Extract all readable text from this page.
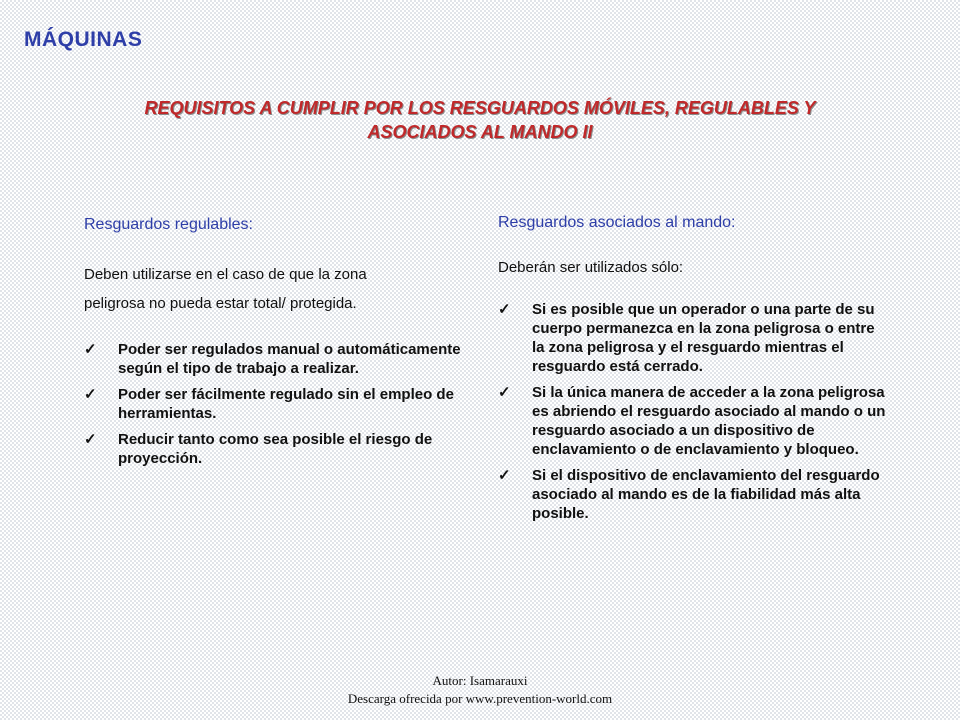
MÁQUINAS
REQUISITOS A CUMPLIR POR LOS RESGUARDOS MÓVILES, REGULABLES Y
ASOCIADOS AL MANDO II
Resguardos regulables:
Deben utilizarse en el caso de que la zona
peligrosa no pueda estar total/ protegida.
✓ Poder ser regulados manual o automáticamente según el tipo de trabajo a realizar.
✓ Poder ser fácilmente regulado sin el empleo de herramientas.
✓ Reducir tanto como sea posible el riesgo de proyección.
Resguardos asociados al mando:
Deberán ser utilizados sólo:
✓ Si es posible que un operador o una parte de su cuerpo permanezca en la zona peligrosa o entre la zona peligrosa y el resguardo mientras el resguardo está cerrado.
✓ Si la única manera de acceder a la zona peligrosa es abriendo el resguardo asociado al mando o un resguardo asociado a un dispositivo de enclavamiento o de enclavamiento y bloqueo.
✓ Si el dispositivo de enclavamiento del resguardo asociado al mando es de la fiabilidad más alta posible.
Autor: Isamarauxi
Descarga ofrecida por www.prevention-world.com
